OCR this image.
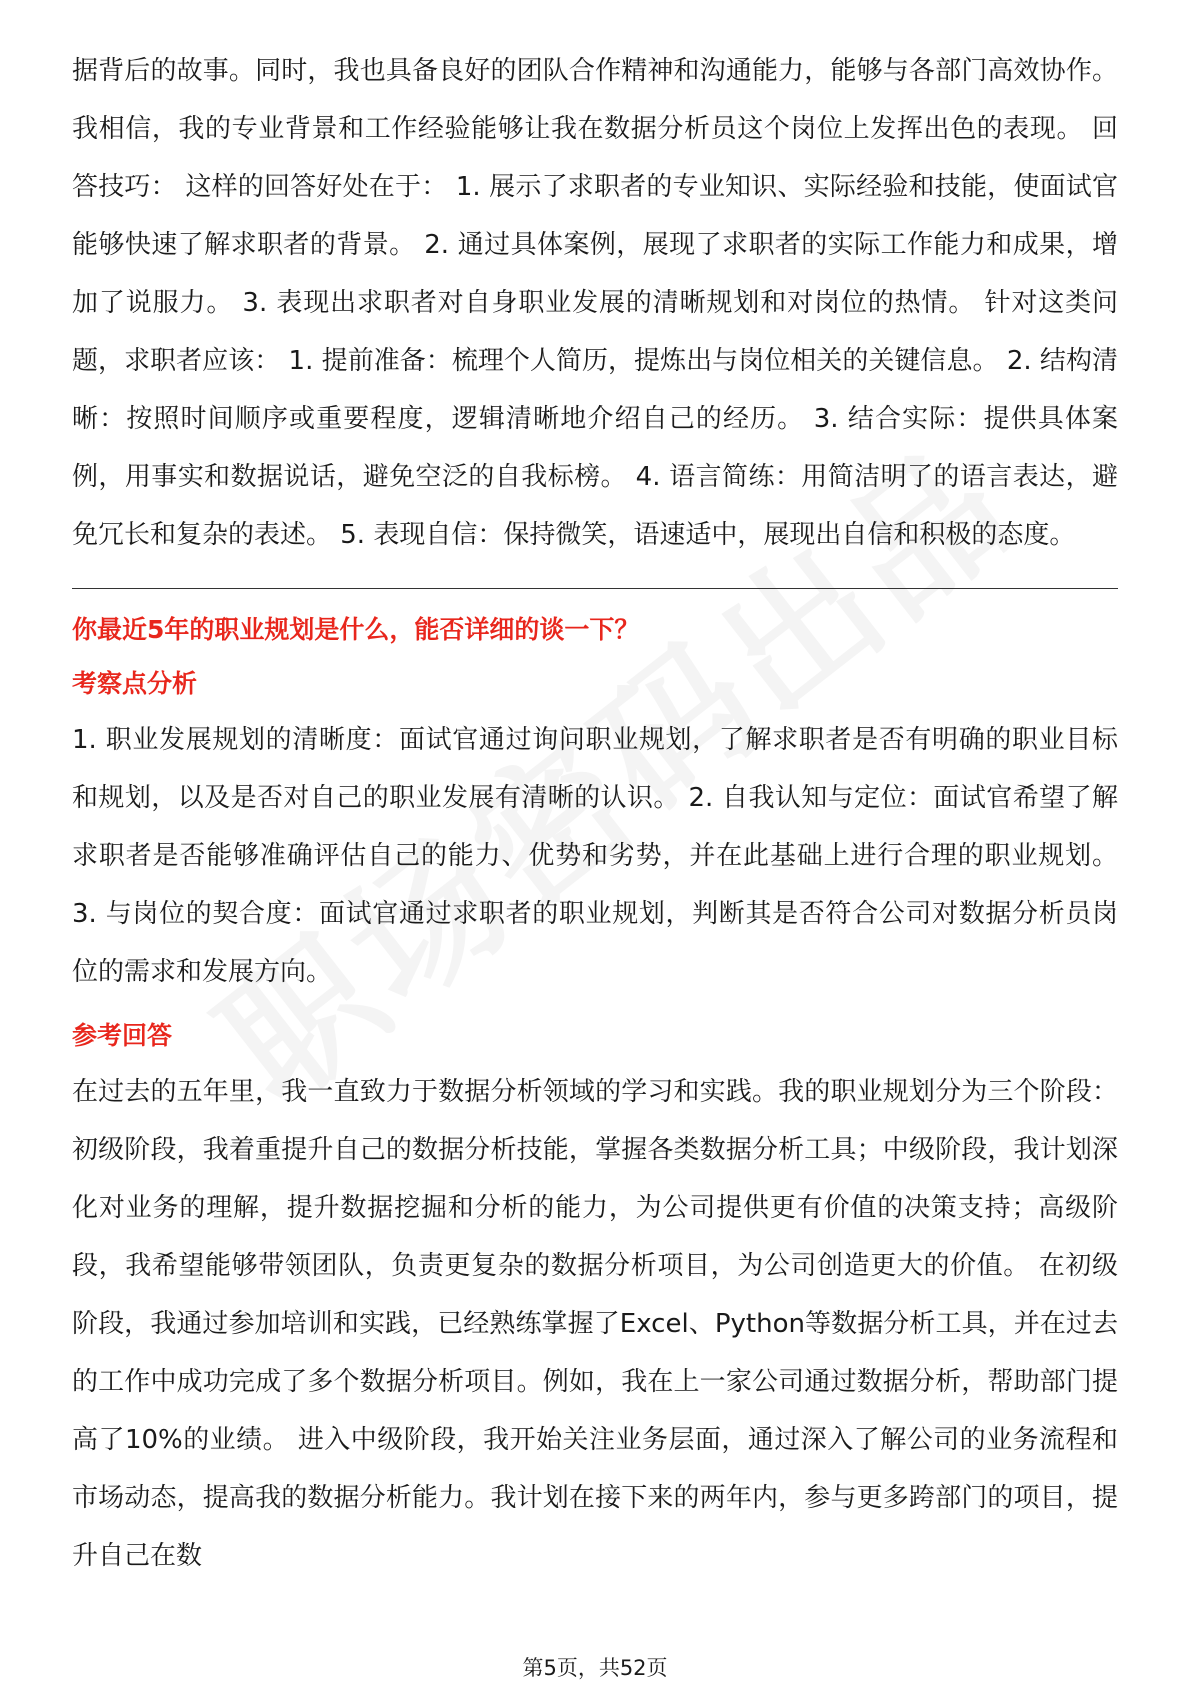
据背后的故事。同时，我也具备良好的团队合作精神和沟通能力，能够与各部门高效协作。我相信，我的专业背景和工作经验能够让我在数据分析员这个岗位上发挥出色的表现。 回答技巧： 这样的回答好处在于： 1. 展示了求职者的专业知识、实际经验和技能，使面试官能够快速了解求职者的背景。 2. 通过具体案例，展现了求职者的实际工作能力和成果，增加了说服力。 3. 表现出求职者对自身职业发展的清晰规划和对岗位的热情。 针对这类问题，求职者应该： 1. 提前准备：梳理个人简历，提炼出与岗位相关的关键信息。 2. 结构清晰：按照时间顺序或重要程度，逻辑清晰地介绍自己的经历。 3. 结合实际：提供具体案例，用事实和数据说话，避免空泛的自我标榜。 4. 语言简练：用简洁明了的语言表达，避免冗长和复杂的表述。 5. 表现自信：保持微笑，语速适中，展现出自信和积极的态度。

你最近5年的职业规划是什么，能否详细的谈一下？

考察点分析

1. 职业发展规划的清晰度：面试官通过询问职业规划，了解求职者是否有明确的职业目标和规划，以及是否对自己的职业发展有清晰的认识。 2. 自我认知与定位：面试官希望了解求职者是否能够准确评估自己的能力、优势和劣势，并在此基础上进行合理的职业规划。 3. 与岗位的契合度：面试官通过求职者的职业规划，判断其是否符合公司对数据分析员岗位的需求和发展方向。

参考回答

在过去的五年里，我一直致力于数据分析领域的学习和实践。我的职业规划分为三个阶段：初级阶段，我着重提升自己的数据分析技能，掌握各类数据分析工具；中级阶段，我计划深化对业务的理解，提升数据挖掘和分析的能力，为公司提供更有价值的决策支持；高级阶段，我希望能够带领团队，负责更复杂的数据分析项目，为公司创造更大的价值。 在初级阶段，我通过参加培训和实践，已经熟练掌握了Excel、Python等数据分析工具，并在过去的工作中成功完成了多个数据分析项目。例如，我在上一家公司通过数据分析，帮助部门提高了10%的业绩。 进入中级阶段，我开始关注业务层面，通过深入了解公司的业务流程和市场动态，提高我的数据分析能力。我计划在接下来的两年内，参与更多跨部门的项目，提升自己在数

第5页，共52页
